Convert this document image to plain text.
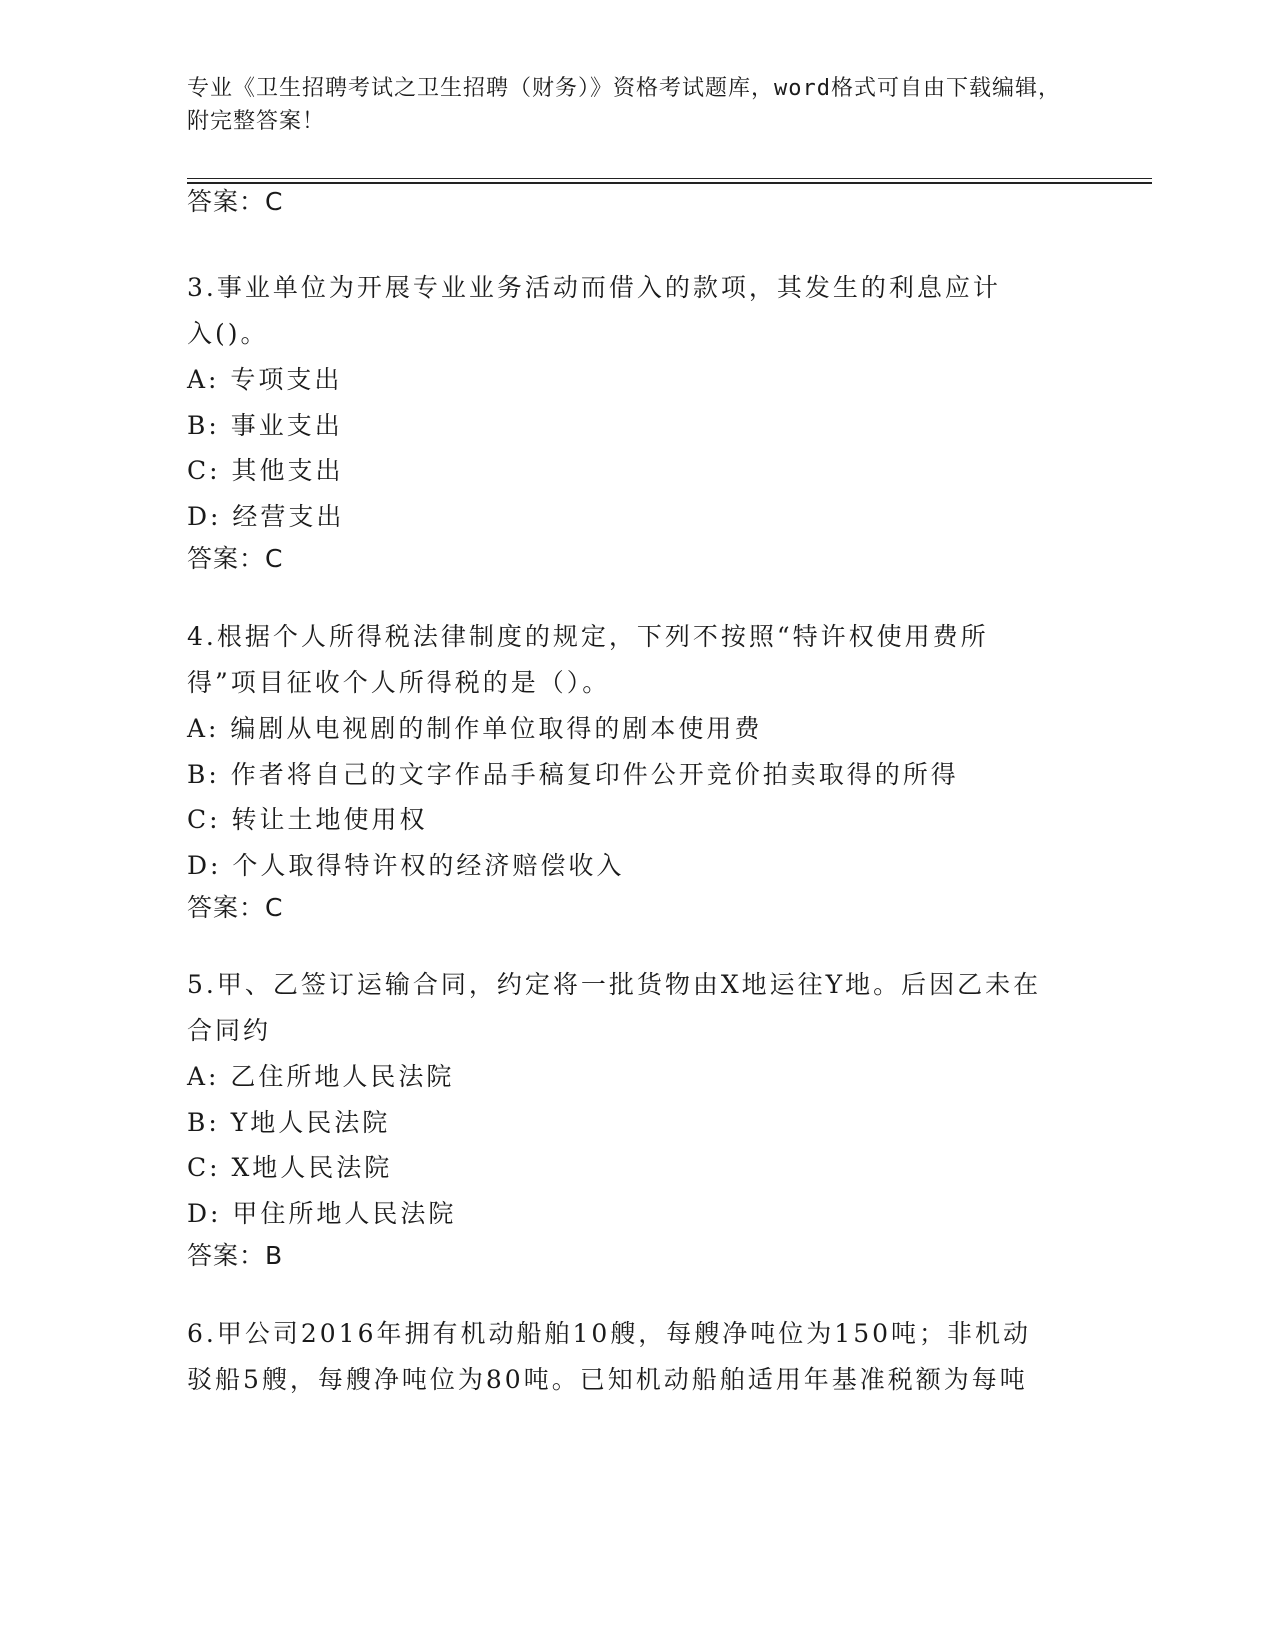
专业《卫生招聘考试之卫生招聘（财务）》资格考试题库，word格式可自由下载编辑，附完整答案！
答案：C
3.事业单位为开展专业业务活动而借入的款项，其发生的利息应计入()。
A: 专项支出
B: 事业支出
C: 其他支出
D: 经营支出
答案：C
4.根据个人所得税法律制度的规定，下列不按照“特许权使用费所得”项目征收个人所得税的是（）。
A: 编剧从电视剧的制作单位取得的剧本使用费
B: 作者将自己的文字作品手稿复印件公开竞价拍卖取得的所得
C: 转让土地使用权
D: 个人取得特许权的经济赔偿收入
答案：C
5.甲、乙签订运输合同，约定将一批货物由X地运往Y地。后因乙未在合同约
A: 乙住所地人民法院
B: Y地人民法院
C: X地人民法院
D: 甲住所地人民法院
答案：B
6.甲公司2016年拥有机动船舶10艘，每艘净吨位为150吨；非机动驳船5艘，每艘净吨位为80吨。已知机动船舶适用年基准税额为每吨
